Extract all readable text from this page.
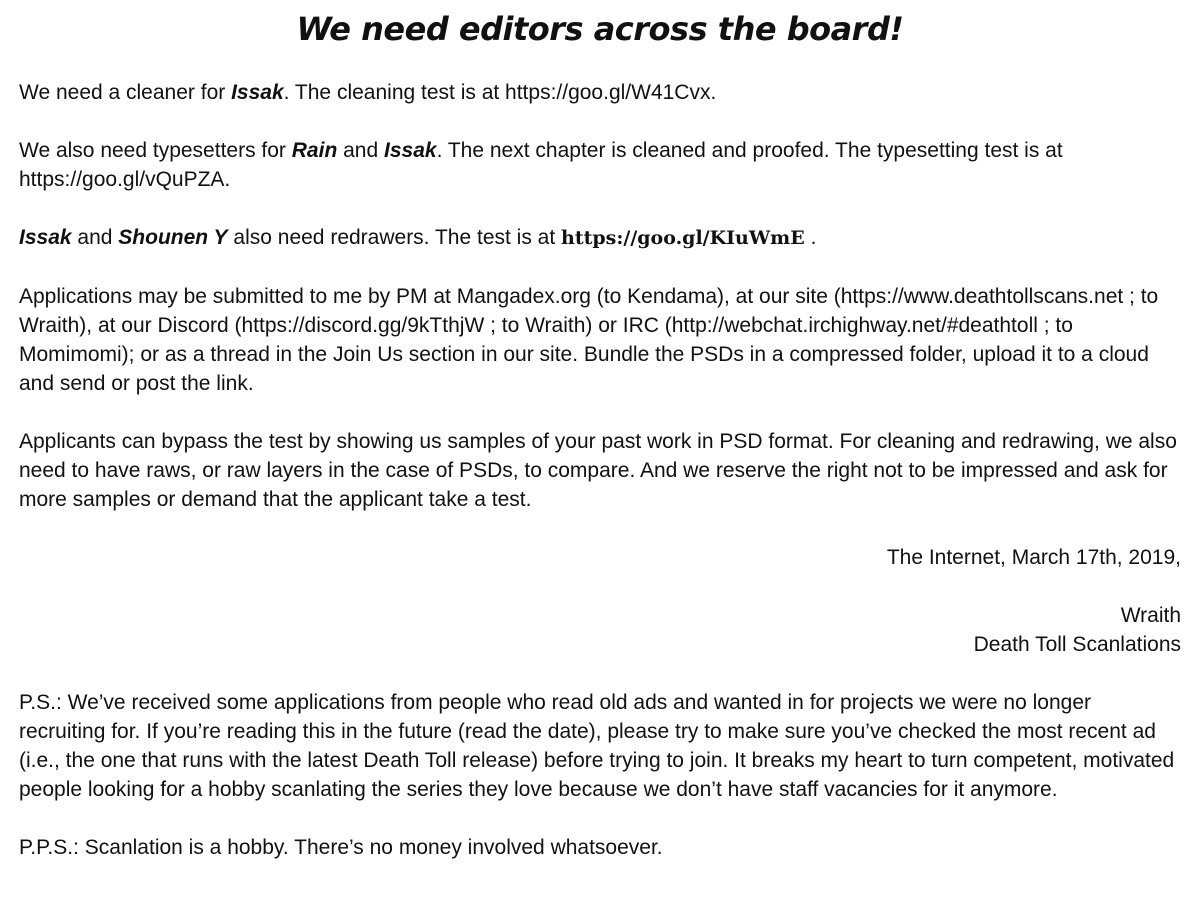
We need editors across the board!

We need a cleaner for Issak. The cleaning test is at https://goo.gl/W41Cvx.

We also need typesetters for Rain and Issak. The next chapter is cleaned and proofed. The typesetting test is at https://goo.gl/vQuPZA.

Issak and Shounen Y also need redrawers. The test is at https://goo.gl/KIuWmE .

Applications may be submitted to me by PM at Mangadex.org (to Kendama), at our site (https://www.deathtollscans.net ; to Wraith), at our Discord (https://discord.gg/9kTthjW ; to Wraith) or IRC (http://webchat.irchighway.net/#deathtoll ; to Momimomi); or as a thread in the Join Us section in our site. Bundle the PSDs in a compressed folder, upload it to a cloud and send or post the link.

Applicants can bypass the test by showing us samples of your past work in PSD format. For cleaning and redrawing, we also need to have raws, or raw layers in the case of PSDs, to compare. And we reserve the right not to be impressed and ask for more samples or demand that the applicant take a test.

The Internet, March 17th, 2019,

Wraith

Death Toll Scanlations

P.S.: We’ve received some applications from people who read old ads and wanted in for projects we were no longer recruiting for. If you’re reading this in the future (read the date), please try to make sure you’ve checked the most recent ad (i.e., the one that runs with the latest Death Toll release) before trying to join. It breaks my heart to turn competent, motivated people looking for a hobby scanlating the series they love because we don’t have staff vacancies for it anymore.

P.P.S.: Scanlation is a hobby. There’s no money involved whatsoever.
